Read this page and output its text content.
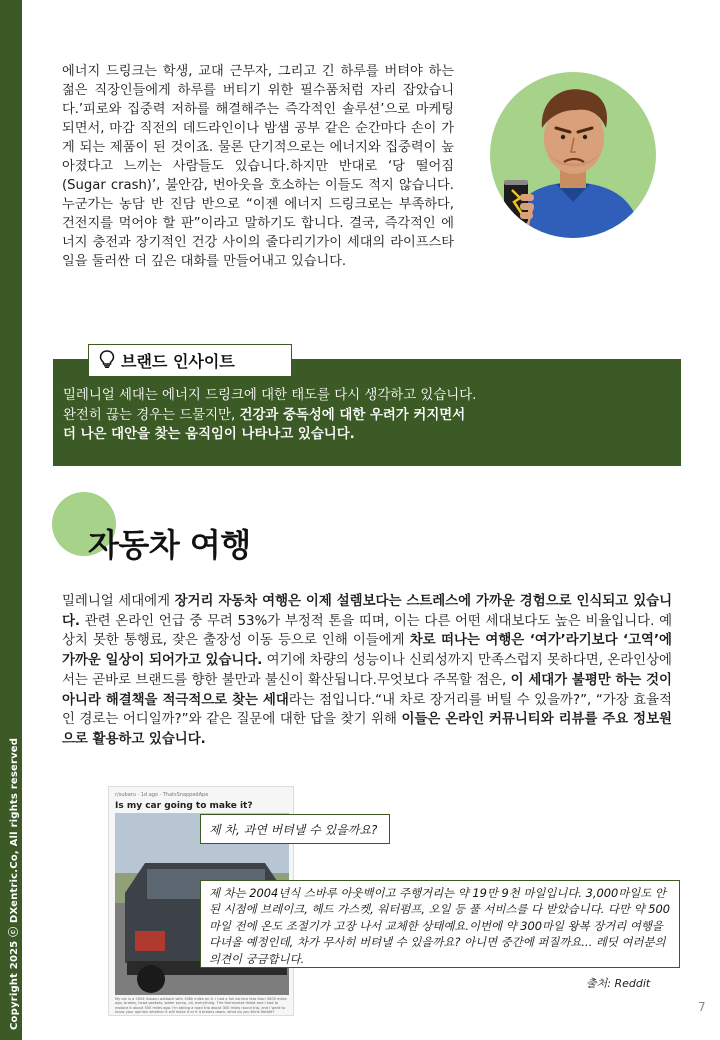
Copyright 2025 ⓒ DXentric.Co, All rights reserved

에너지 드링크는 학생, 교대 근무자, 그리고 긴 하루를 버텨야 하는 젊은 직장인들에게 하루를 버티기 위한 필수품처럼 자리 잡았습니다.’피로와 집중력 저하를 해결해주는 즉각적인 솔루션’으로 마케팅되면서, 마감 직전의 데드라인이나 밤샘 공부 같은 순간마다 손이 가게 되는 제품이 된 것이죠. 물론 단기적으로는 에너지와 집중력이 높아졌다고 느끼는 사람들도 있습니다.하지만 반대로 ‘당 떨어짐(Sugar crash)’, 불안감, 번아웃을 호소하는 이들도 적지 않습니다. 누군가는 농담 반 진담 반으로 “이젠 에너지 드링크로는 부족하다, 건전지를 먹어야 할 판”이라고 말하기도 합니다. 결국, 즉각적인 에너지 충전과 장기적인 건강 사이의 줄다리기가이 세대의 라이프스타일을 둘러싼 더 깊은 대화를 만들어내고 있습니다.

브랜드 인사이트
밀레니얼 세대는 에너지 드링크에 대한 태도를 다시 생각하고 있습니다.
완전히 끊는 경우는 드물지만, 건강과 중독성에 대한 우려가 커지면서
더 나은 대안을 찾는 움직임이 나타나고 있습니다.
자동차 여행

밀레니얼 세대에게 장거리 자동차 여행은 이제 설렘보다는 스트레스에 가까운 경험으로 인식되고 있습니다. 관련 온라인 언급 중 무려 53%가 부정적 톤을 띠며, 이는 다른 어떤 세대보다도 높은 비율입니다. 예상치 못한 통행료, 잦은 출장성 이동 등으로 인해 이들에게 차로 떠나는 여행은 ‘여가’라기보다 ‘고역’에 가까운 일상이 되어가고 있습니다. 여기에 차량의 성능이나 신뢰성까지 만족스럽지 못하다면, 온라인상에서는 곧바로 브랜드를 향한 불만과 불신이 확산됩니다.무엇보다 주목할 점은, 이 세대가 불평만 하는 것이 아니라 해결책을 적극적으로 찾는 세대라는 점입니다.“내 차로 장거리를 버틸 수 있을까?”, “가장 효율적인 경로는 어디일까?”와 같은 질문에 대한 답을 찾기 위해 이들은 온라인 커뮤니티와 리뷰를 주요 정보원으로 활용하고 있습니다.

r/subaru · 1d ago · ThatsSnappedApe
Is my car going to make it?
My car is a 2004 Subaru outback with 198k miles on it. I had a full service less than 3000 miles ago, brakes, head gaskets, water pump, oil, everything. The thermostat failed and I had to replace it about 500 miles ago. I'm taking a road trip about 300 miles round trip, and I want to know your opinion whether it will make it or if it breaks down, what do you think Reddit?
제 차, 과연 버텨낼 수 있을까요?
제 차는 2004년식 스바루 아웃백이고 주행거리는 약 19만 9천 마일입니다. 3,000마일도 안 된 시점에 브레이크, 헤드 가스켓, 워터펌프, 오일 등 풀 서비스를 다 받았습니다. 다만 약 500마일 전에 온도 조절기가 고장 나서 교체한 상태예요.이번에 약 300마일 왕복 장거리 여행을 다녀올 예정인데, 차가 무사히 버텨낼 수 있을까요? 아니면 중간에 퍼질까요... 레딧 여러분의 의견이 궁금합니다.
출처: Reddit
7
